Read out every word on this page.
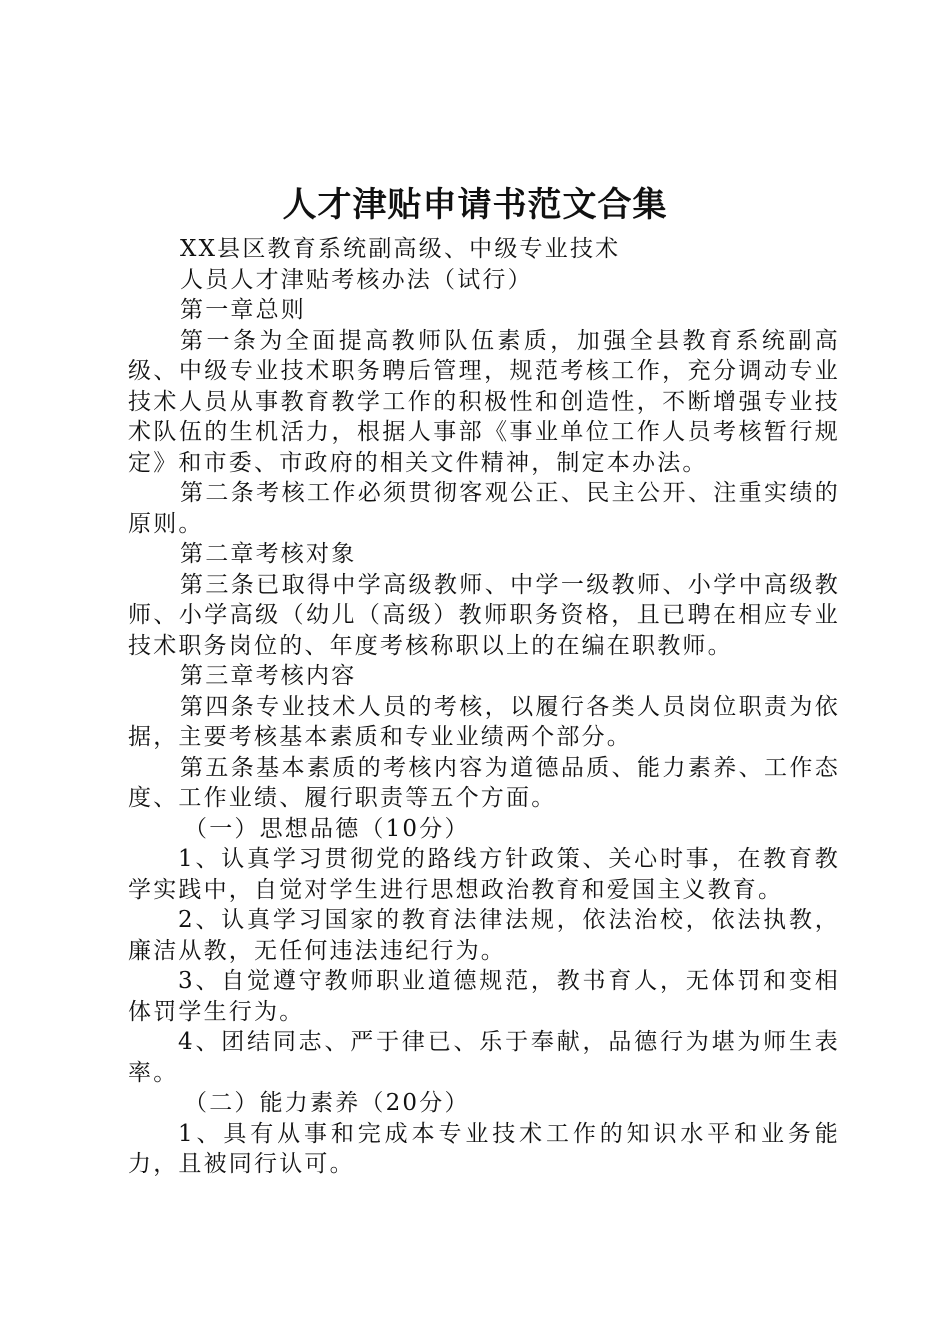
人才津贴申请书范文合集

XX县区教育系统副高级、中级专业技术

人员人才津贴考核办法（试行）

第一章总则

第一条为全面提高教师队伍素质，加强全县教育系统副高级、中级专业技术职务聘后管理，规范考核工作，充分调动专业技术人员从事教育教学工作的积极性和创造性，不断增强专业技术队伍的生机活力，根据人事部《事业单位工作人员考核暂行规定》和市委、市政府的相关文件精神，制定本办法。

第二条考核工作必须贯彻客观公正、民主公开、注重实绩的原则。

第二章考核对象

第三条已取得中学高级教师、中学一级教师、小学中高级教师、小学高级（幼儿（高级）教师职务资格，且已聘在相应专业技术职务岗位的、年度考核称职以上的在编在职教师。

第三章考核内容

第四条专业技术人员的考核，以履行各类人员岗位职责为依据，主要考核基本素质和专业业绩两个部分。

第五条基本素质的考核内容为道德品质、能力素养、工作态度、工作业绩、履行职责等五个方面。

（一）思想品德（10分）

1、认真学习贯彻党的路线方针政策、关心时事，在教育教学实践中，自觉对学生进行思想政治教育和爱国主义教育。

2、认真学习国家的教育法律法规，依法治校，依法执教，廉洁从教，无任何违法违纪行为。

3、自觉遵守教师职业道德规范，教书育人，无体罚和变相体罚学生行为。

4、团结同志、严于律已、乐于奉献，品德行为堪为师生表率。

（二）能力素养（20分）

1、具有从事和完成本专业技术工作的知识水平和业务能力，且被同行认可。
